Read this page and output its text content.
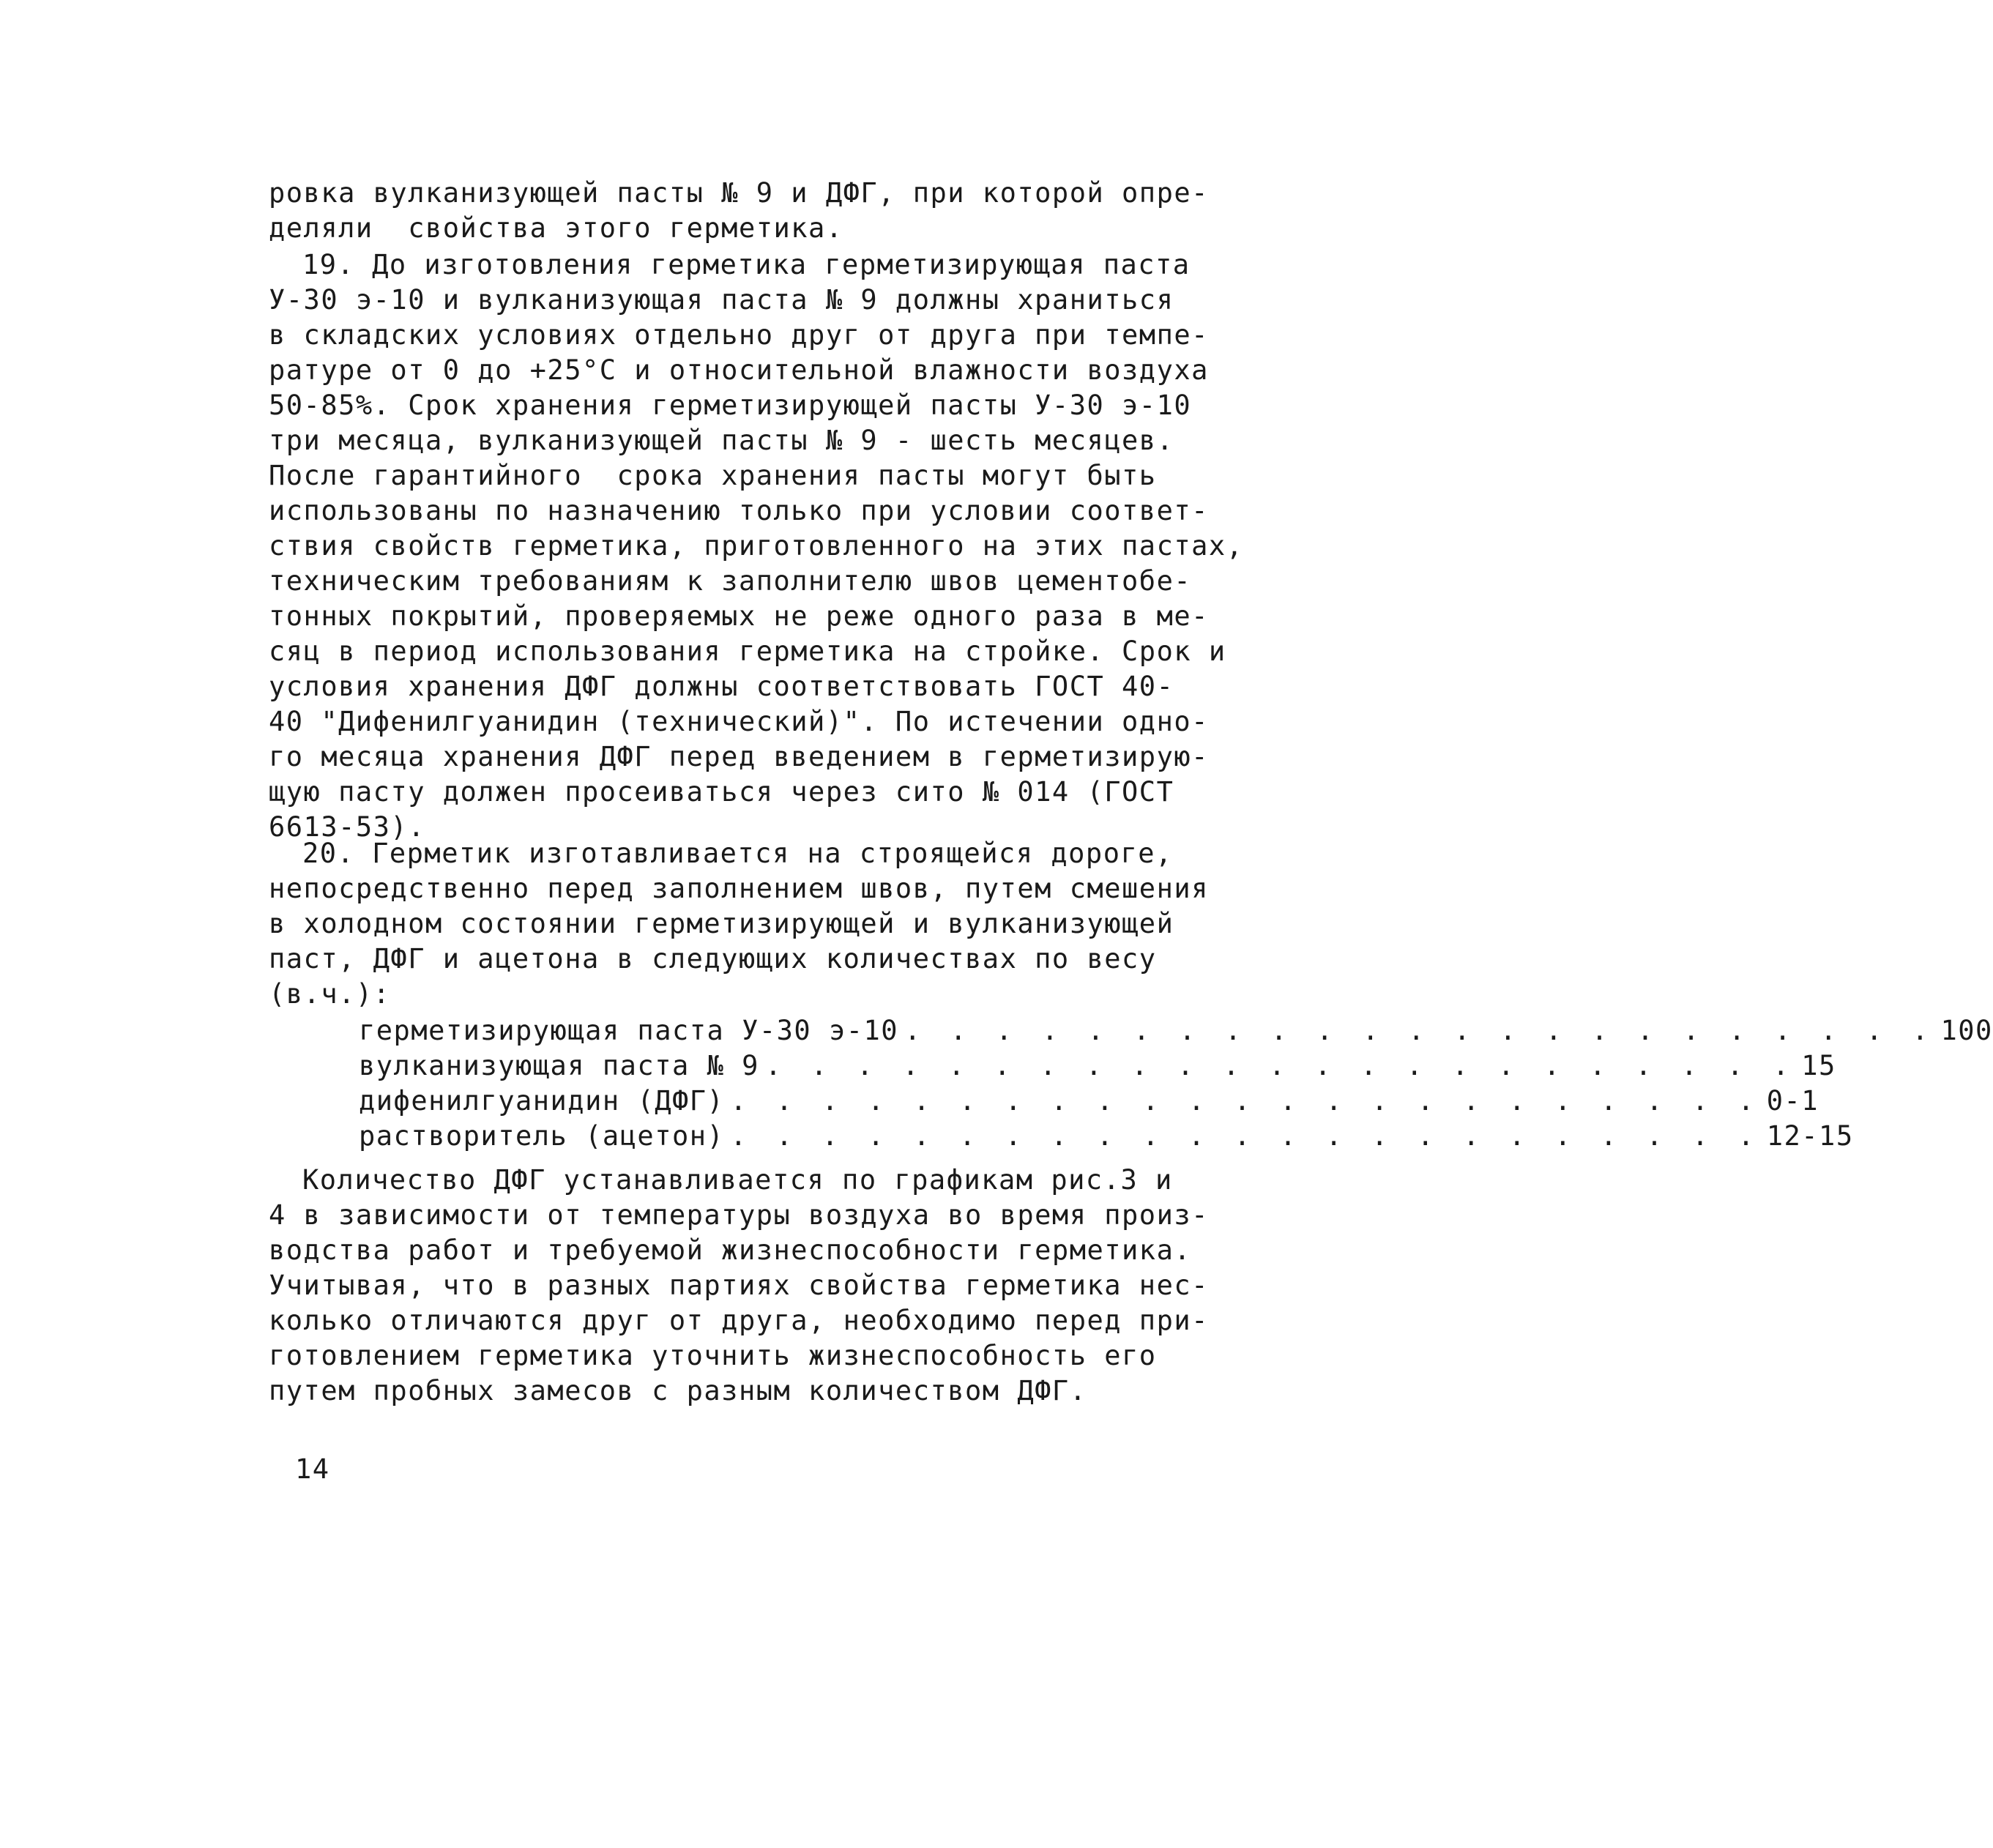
ровка вулканизующей пасты № 9 и ДФГ, при которой опре-
деляли  свойства этого герметика.
19. До изготовления герметика герметизирующая паста
У-30 э-10 и вулканизующая паста № 9 должны храниться
в складских условиях отдельно друг от друга при темпе-
ратуре от 0 до +25°С и относительной влажности воздуха
50-85%. Срок хранения герметизирующей пасты У-30 э-10
три месяца, вулканизующей пасты № 9 - шесть месяцев.
После гарантийного  срока хранения пасты могут быть
использованы по назначению только при условии соответ-
ствия свойств герметика, приготовленного на этих пастах,
техническим требованиям к заполнителю швов цементобе-
тонных покрытий, проверяемых не реже одного раза в ме-
сяц в период использования герметика на стройке. Срок и
условия хранения ДФГ должны соответствовать ГОСТ 40-
40 "Дифенилгуанидин (технический)". По истечении одно-
го месяца хранения ДФГ перед введением в герметизирую-
щую пасту должен просеиваться через сито № 014 (ГОСТ
6613-53).
20. Герметик изготавливается на строящейся дороге,
непосредственно перед заполнением швов, путем смешения
в холодном состоянии герметизирующей и вулканизующей
паст, ДФГ и ацетона в следующих количествах по весу
(в.ч.):
герметизирующая паста У-30 э-10 . . . . . . . . . . . . . . . . . . . . . . . 100
вулканизующая паста № 9 . . . . . . . . . . . . . . . . . . . . . . . 15
дифенилгуанидин (ДФГ) . . . . . . . . . . . . . . . . . . . . . . . 0-1
растворитель (ацетон) . . . . . . . . . . . . . . . . . . . . . . . 12-15
Количество ДФГ устанавливается по графикам рис.3 и
4 в зависимости от температуры воздуха во время произ-
водства работ и требуемой жизнеспособности герметика.
Учитывая, что в разных партиях свойства герметика нес-
колько отличаются друг от друга, необходимо перед при-
готовлением герметика уточнить жизнеспособность его
путем пробных замесов с разным количеством ДФГ.
14
